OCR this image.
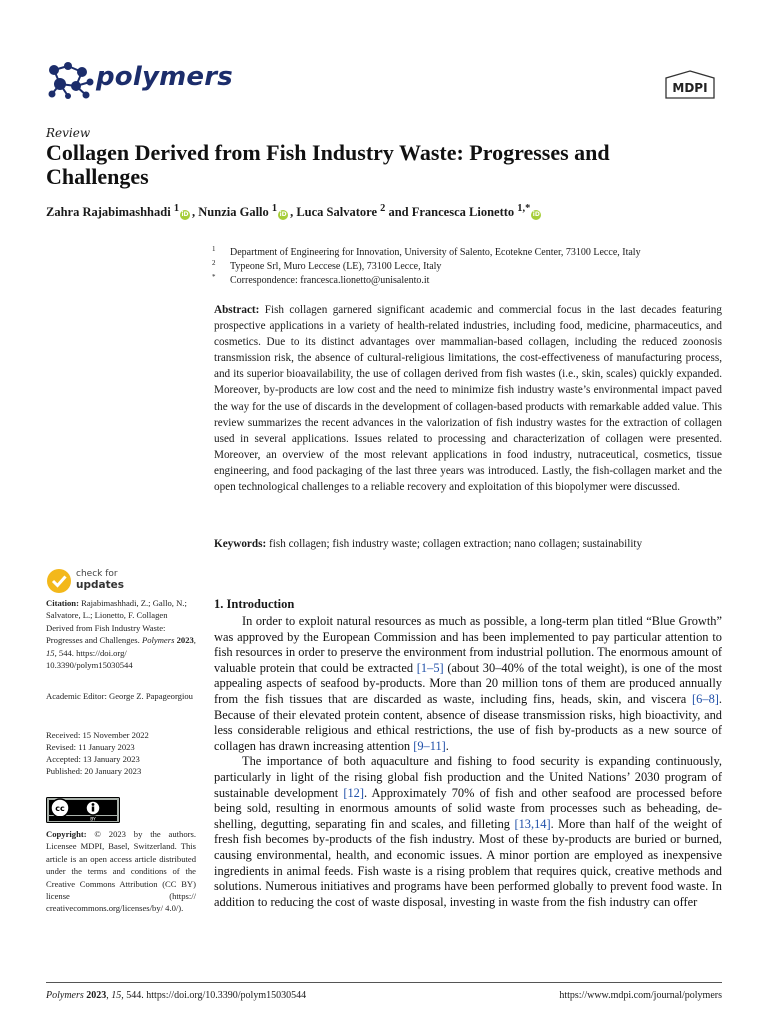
polymers	MDPI
Review
Collagen Derived from Fish Industry Waste: Progresses and Challenges
Zahra Rajabimashhadi $^1$iD , Nunzia Gallo $^1$iD , Luca Salvatore $^2$ and Francesca Lionetto $^{1,*}$iD
$^1$ Department of Engineering for Innovation, University of Salento, Ecotekne Center, 73100 Lecce, Italy
$^2$ Typeone Srl, Muro Leccese (LE), 73100 Lecce, Italy
* Correspondence: francesca.lionetto@unisalento.it
Abstract: Fish collagen garnered significant academic and commercial focus in the last decades featuring prospective applications in a variety of health-related industries, including food, medicine, pharmaceutics, and cosmetics. Due to its distinct advantages over mammalian-based collagen, including the reduced zoonosis transmission risk, the absence of cultural-religious limitations, the cost-effectiveness of manufacturing process, and its superior bioavailability, the use of collagen derived from fish wastes (i.e., skin, scales) quickly expanded. Moreover, by-products are low cost and the need to minimize fish industry waste’s environmental impact paved the way for the use of discards in the development of collagen-based products with remarkable added value. This review summarizes the recent advances in the valorization of fish industry wastes for the extraction of collagen used in several applications. Issues related to processing and characterization of collagen were presented. Moreover, an overview of the most relevant applications in food industry, nutraceutical, cosmetics, tissue engineering, and food packaging of the last three years was introduced. Lastly, the fish-collagen market and the open technological challenges to a reliable recovery and exploitation of this biopolymer were discussed.
Keywords: fish collagen; fish industry waste; collagen extraction; nano collagen; sustainability
check for
updates
Citation: Rajabimashhadi, Z.; Gallo, N.; Salvatore, L.; Lionetto, F. Collagen Derived from Fish Industry Waste: Progresses and Challenges. Polymers 2023, 15, 544. https://doi.org/ 10.3390/polym15030544
Academic Editor: George Z. Papageorgiou
Received: 15 November 2022
Revised: 11 January 2023
Accepted: 13 January 2023
Published: 20 January 2023
cc
BY
Copyright: © 2023 by the authors. Licensee MDPI, Basel, Switzerland. This article is an open access article distributed under the terms and conditions of the Creative Commons Attribution (CC BY) license (https:// creativecommons.org/licenses/by/ 4.0/).
1. Introduction

In order to exploit natural resources as much as possible, a long-term plan titled “Blue Growth” was approved by the European Commission and has been implemented to pay particular attention to fish resources in order to preserve the environment from industrial pollution. The enormous amount of valuable protein that could be extracted [1–5] (about 30–40% of the total weight), is one of the most appealing aspects of seafood by-products. More than 20 million tons of them are produced annually from the fish tissues that are discarded as waste, including fins, heads, skin, and viscera [6–8]. Because of their elevated protein content, absence of disease transmission risks, high bioactivity, and less considerable religious and ethical restrictions, the use of fish by-products as a new source of collagen has drawn increasing attention [9–11].

The importance of both aquaculture and fishing to food security is expanding continuously, particularly in light of the rising global fish production and the United Nations’ 2030 program of sustainable development [12]. Approximately 70% of fish and other seafood are processed before being sold, resulting in enormous amounts of solid waste from processes such as beheading, de-shelling, degutting, separating fin and scales, and filleting [13,14]. More than half of the weight of fresh fish becomes by-products of the fish industry. Most of these by-products are buried or burned, causing environmental, health, and economic issues. A minor portion are employed as inexpensive ingredients in animal feeds. Fish waste is a rising problem that requires quick, creative methods and solutions. Numerous initiatives and programs have been performed globally to prevent food waste. In addition to reducing the cost of waste disposal, investing in waste from the fish industry can offer

Polymers 2023, 15, 544. https://doi.org/10.3390/polym15030544	https://www.mdpi.com/journal/polymers
